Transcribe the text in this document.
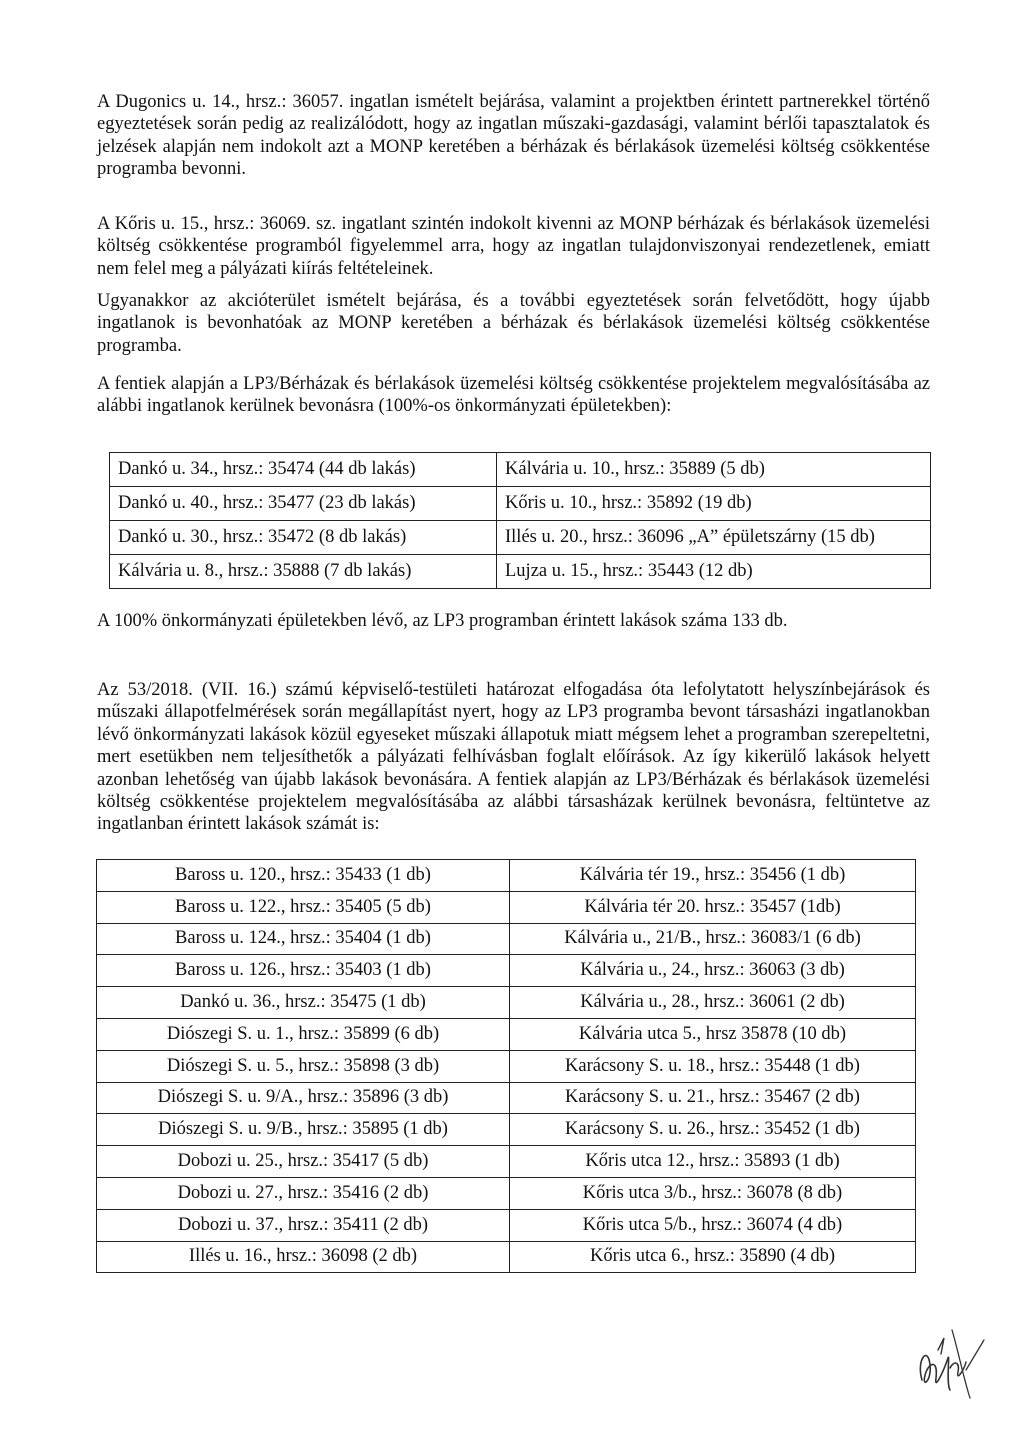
A Dugonics u. 14., hrsz.: 36057. ingatlan ismételt bejárása, valamint a projektben érintett partnerekkel történő egyeztetések során pedig az realizálódott, hogy az ingatlan műszaki-gazdasági, valamint bérlői tapasztalatok és jelzések alapján nem indokolt azt a MONP keretében a bérházak és bérlakások üzemelési költség csökkentése programba bevonni.

A Kőris u. 15., hrsz.: 36069. sz. ingatlant szintén indokolt kivenni az MONP bérházak és bérlakások üzemelési költség csökkentése programból figyelemmel arra, hogy az ingatlan tulajdonviszonyai rendezetlenek, emiatt nem felel meg a pályázati kiírás feltételeinek.

Ugyanakkor az akcióterület ismételt bejárása, és a további egyeztetések során felvetődött, hogy újabb ingatlanok is bevonhatóak az MONP keretében a bérházak és bérlakások üzemelési költség csökkentése programba.

A fentiek alapján a LP3/Bérházak és bérlakások üzemelési költség csökkentése projektelem megvalósításába az alábbi ingatlanok kerülnek bevonásra (100%-os önkormányzati épületekben):

Dankó u. 34., hrsz.: 35474 (44 db lakás)	Kálvária u. 10., hrsz.: 35889 (5 db)
Dankó u. 40., hrsz.: 35477 (23 db lakás)	Kőris u. 10., hrsz.: 35892 (19 db)
Dankó u. 30., hrsz.: 35472 (8 db lakás)	Illés u. 20., hrsz.: 36096 „A” épületszárny (15 db)
Kálvária u. 8., hrsz.: 35888 (7 db lakás)	Lujza u. 15., hrsz.: 35443 (12 db)

A 100% önkormányzati épületekben lévő, az LP3 programban érintett lakások száma 133 db.

Az 53/2018. (VII. 16.) számú képviselő-testületi határozat elfogadása óta lefolytatott helyszínbejárások és műszaki állapotfelmérések során megállapítást nyert, hogy az LP3 programba bevont társasházi ingatlanokban lévő önkormányzati lakások közül egyeseket műszaki állapotuk miatt mégsem lehet a programban szerepeltetni, mert esetükben nem teljesíthetők a pályázati felhívásban foglalt előírások. Az így kikerülő lakások helyett azonban lehetőség van újabb lakások bevonására. A fentiek alapján az LP3/Bérházak és bérlakások üzemelési költség csökkentése projektelem megvalósításába az alábbi társasházak kerülnek bevonásra, feltüntetve az ingatlanban érintett lakások számát is:

Baross u. 120., hrsz.: 35433 (1 db)	Kálvária tér 19., hrsz.: 35456 (1 db)
Baross u. 122., hrsz.: 35405 (5 db)	Kálvária tér 20. hrsz.: 35457 (1db)
Baross u. 124., hrsz.: 35404 (1 db)	Kálvária u., 21/B., hrsz.: 36083/1 (6 db)
Baross u. 126., hrsz.: 35403 (1 db)	Kálvária u., 24., hrsz.: 36063 (3 db)
Dankó u. 36., hrsz.: 35475 (1 db)	Kálvária u., 28., hrsz.: 36061 (2 db)
Diószegi S. u. 1., hrsz.: 35899 (6 db)	Kálvária utca 5., hrsz 35878 (10 db)
Diószegi S. u. 5., hrsz.: 35898 (3 db)	Karácsony S. u. 18., hrsz.: 35448 (1 db)
Diószegi S. u. 9/A., hrsz.: 35896 (3 db)	Karácsony S. u. 21., hrsz.: 35467 (2 db)
Diószegi S. u. 9/B., hrsz.: 35895 (1 db)	Karácsony S. u. 26., hrsz.: 35452 (1 db)
Dobozi u. 25., hrsz.: 35417 (5 db)	Kőris utca 12., hrsz.: 35893 (1 db)
Dobozi u. 27., hrsz.: 35416 (2 db)	Kőris utca 3/b., hrsz.: 36078 (8 db)
Dobozi u. 37., hrsz.: 35411 (2 db)	Kőris utca 5/b., hrsz.: 36074 (4 db)
Illés u. 16., hrsz.: 36098 (2 db)	Kőris utca 6., hrsz.: 35890 (4 db)
